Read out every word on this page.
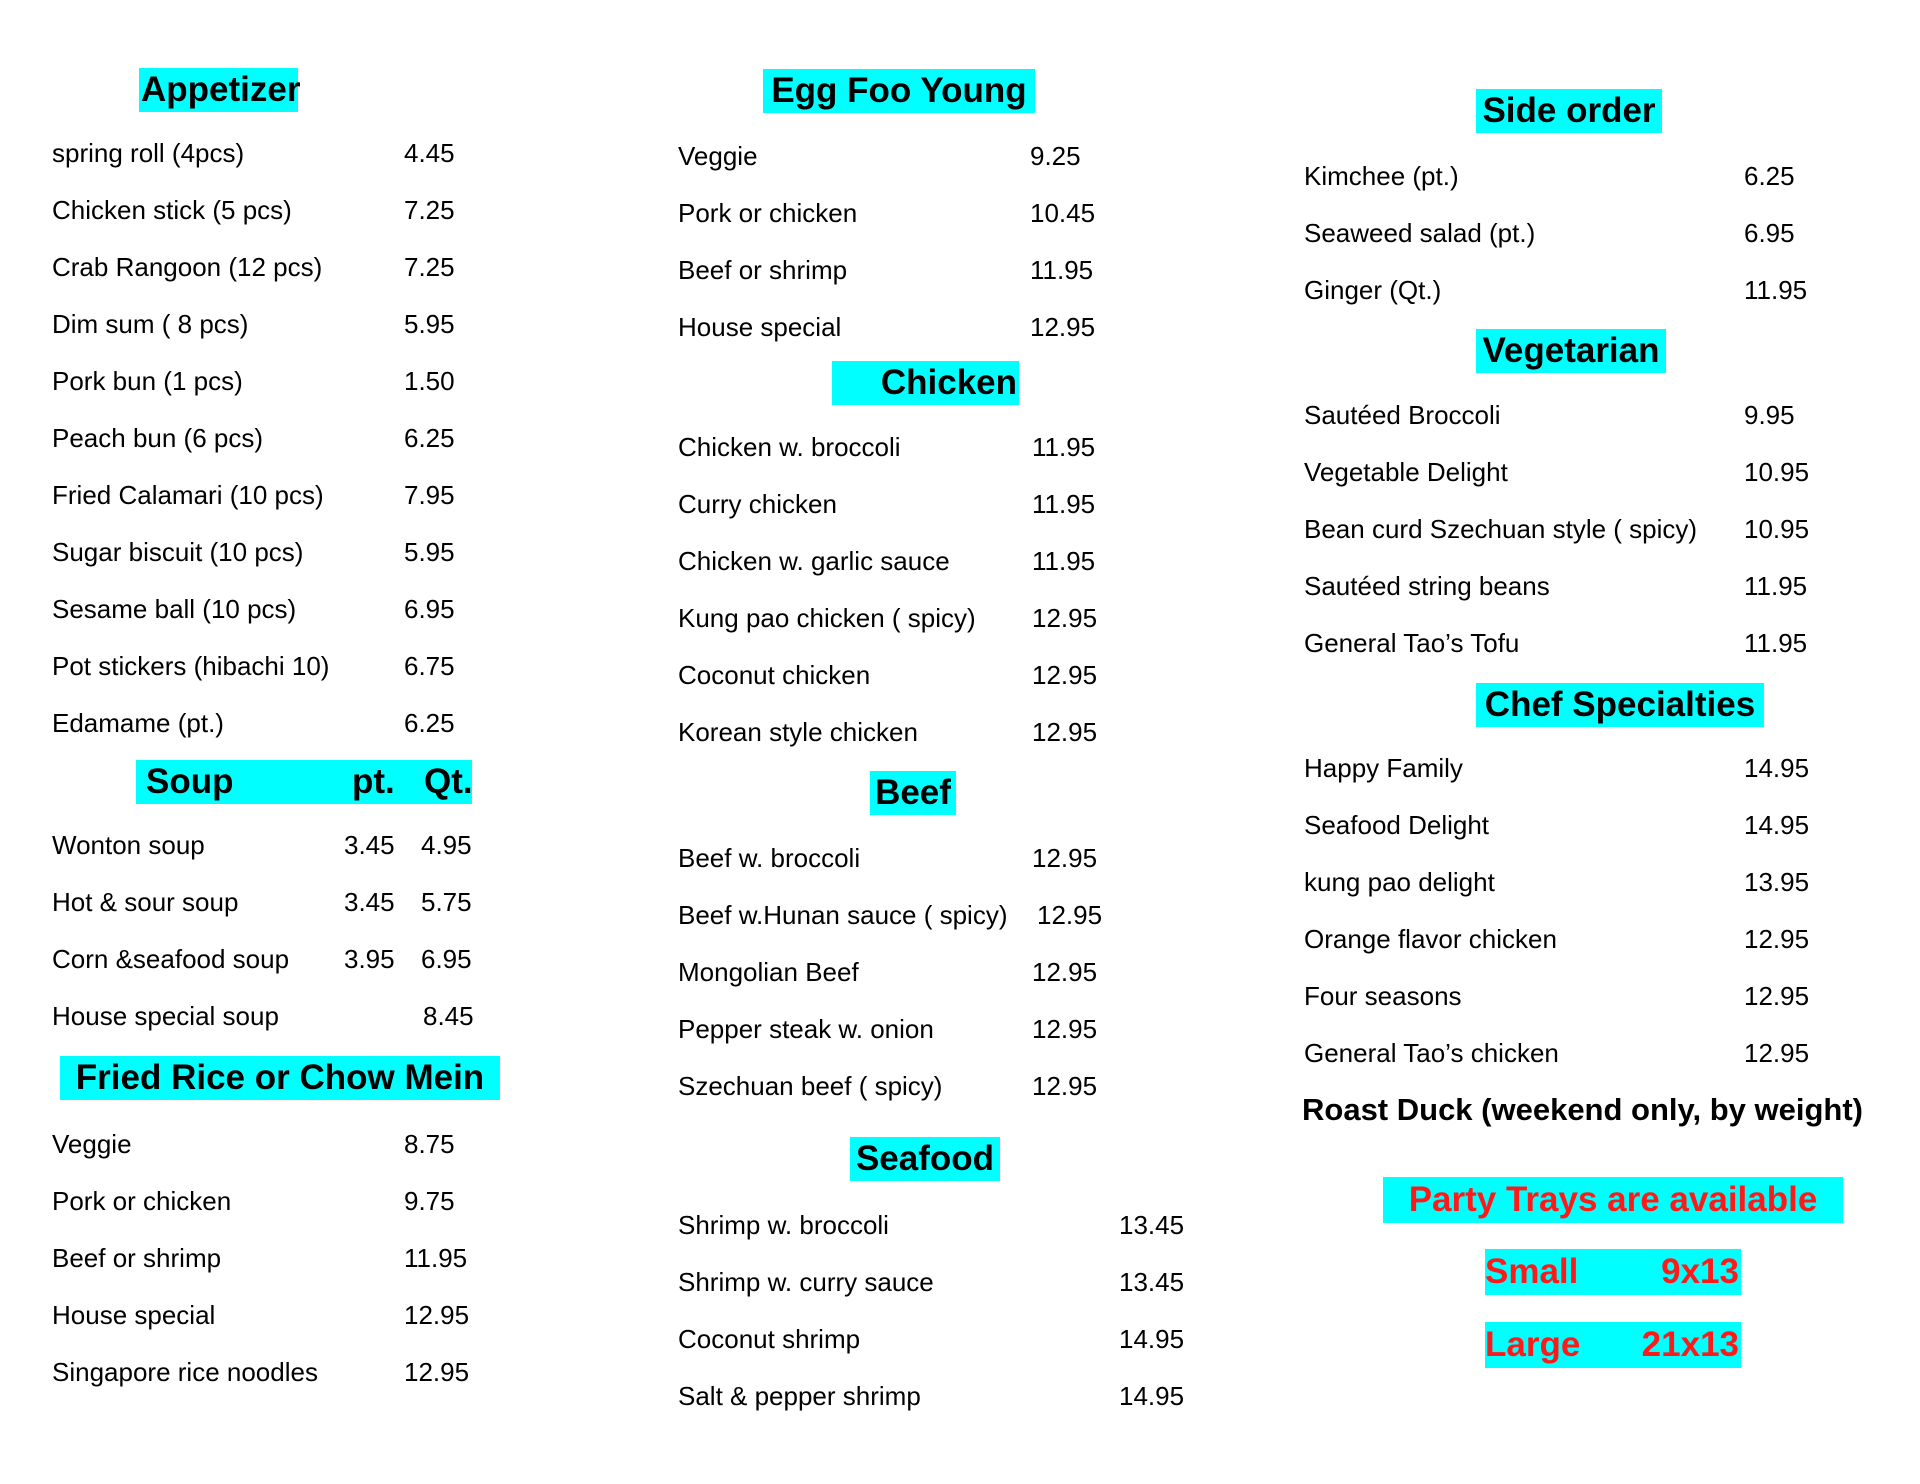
Appetizer
spring roll (4pcs)	4.45
Chicken stick (5 pcs)	7.25
Crab Rangoon (12 pcs)	7.25
Dim sum ( 8 pcs)	5.95
Pork bun (1 pcs)	1.50
Peach bun (6 pcs)	6.25
Fried Calamari (10 pcs)	7.95
Sugar biscuit (10 pcs)	5.95
Sesame ball (10 pcs)	6.95
Pot stickers (hibachi 10)	6.75
Edamame (pt.)	6.25
Soup	pt. Qt.
Wonton soup	3.45 4.95
Hot & sour soup	3.45 5.75
Corn &seafood soup 3.95 6.95
House special soup	8.45
Fried Rice or Chow Mein
Veggie	8.75
Pork or chicken	9.75
Beef or shrimp	11.95
House special	12.95
Singapore rice noodles	12.95
Egg Foo Young
Veggie	9.25
Pork or chicken	10.45
Beef or shrimp	11.95
House special	12.95
Chicken
Chicken w. broccoli	11.95
Curry chicken	11.95
Chicken w. garlic sauce	11.95
Kung pao chicken ( spicy) 12.95
Coconut chicken	12.95
Korean style chicken	12.95
Beef
Beef w. broccoli	12.95
Beef w.Hunan sauce ( spicy) 12.95
Mongolian Beef	12.95
Pepper steak w. onion	12.95
Szechuan beef ( spicy)	12.95
Seafood
Shrimp w. broccoli	13.45
Shrimp w. curry sauce	13.45
Coconut shrimp	14.95
Salt & pepper shrimp	14.95
Side order
Kimchee (pt.)	6.25
Seaweed salad (pt.)	6.95
Ginger (Qt.)	11.95
Vegetarian
Sautéed Broccoli	9.95
Vegetable Delight	10.95
Bean curd Szechuan style ( spicy) 10.95
Sautéed string beans	11.95
General Tao’s Tofu	11.95
Chef Specialties
Happy Family	14.95
Seafood Delight	14.95
kung pao delight	13.95
Orange flavor chicken	12.95
Four seasons	12.95
General Tao’s chicken	12.95
Roast Duck (weekend only, by weight)
Party Trays are available
Small 9x13
Large 21x13
